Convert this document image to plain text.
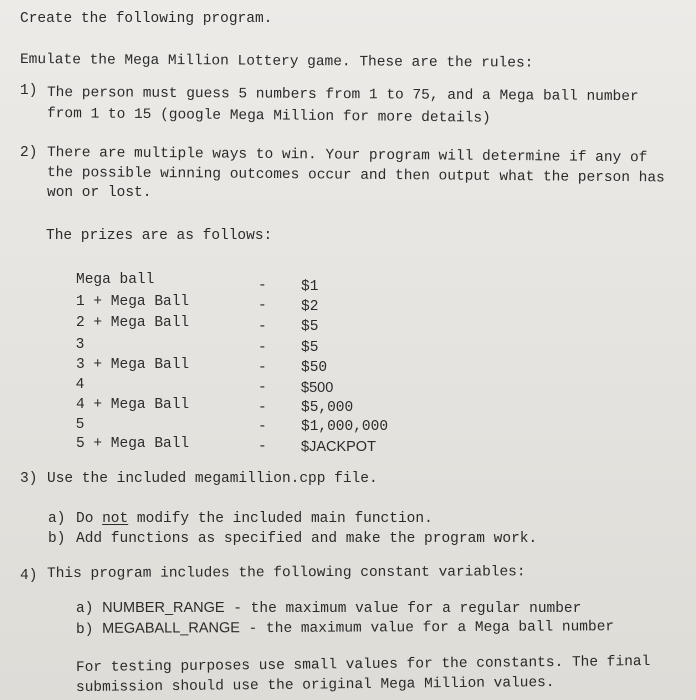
Create the following program.
Emulate the Mega Million Lottery game. These are the rules:
1) The person must guess 5 numbers from 1 to 75, and a Mega ball number
from 1 to 15 (google Mega Million for more details)
2) There are multiple ways to win. Your program will determine if any of
the possible winning outcomes occur and then output what the person has
won or lost.
The prizes are as follows:
Mega ball	- $1
1 + Mega Ball	- $2
2 + Mega Ball	- $5
3	- $5
3 + Mega Ball	- $50
4	- $500
4 + Mega Ball	- $5,000
5	- $1,000,000
5 + Mega Ball	- $JACKPOT
3) Use the included megamillion.cpp file.
a) Do not modify the included main function.
b) Add functions as specified and make the program work.
4) This program includes the following constant variables:
a) NUMBER_RANGE - the maximum value for a regular number
b) MEGABALL_RANGE - the maximum value for a Mega ball number
For testing purposes use small values for the constants. The final
submission should use the original Mega Million values.
